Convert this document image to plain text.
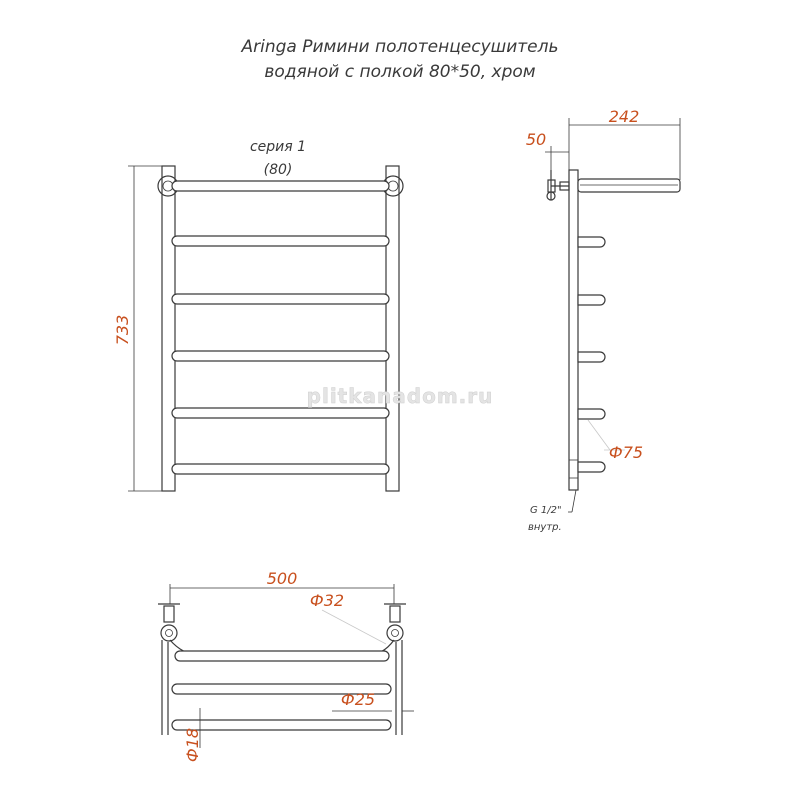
Aringa Римини полотенцесушитель
водяной с полкой 80*50, хром
серия 1
(80)
733
Ф75
G 1/2"
внутр.
242
50
500
Ф32
Ф25
Ф18
plitkanadom.ru
